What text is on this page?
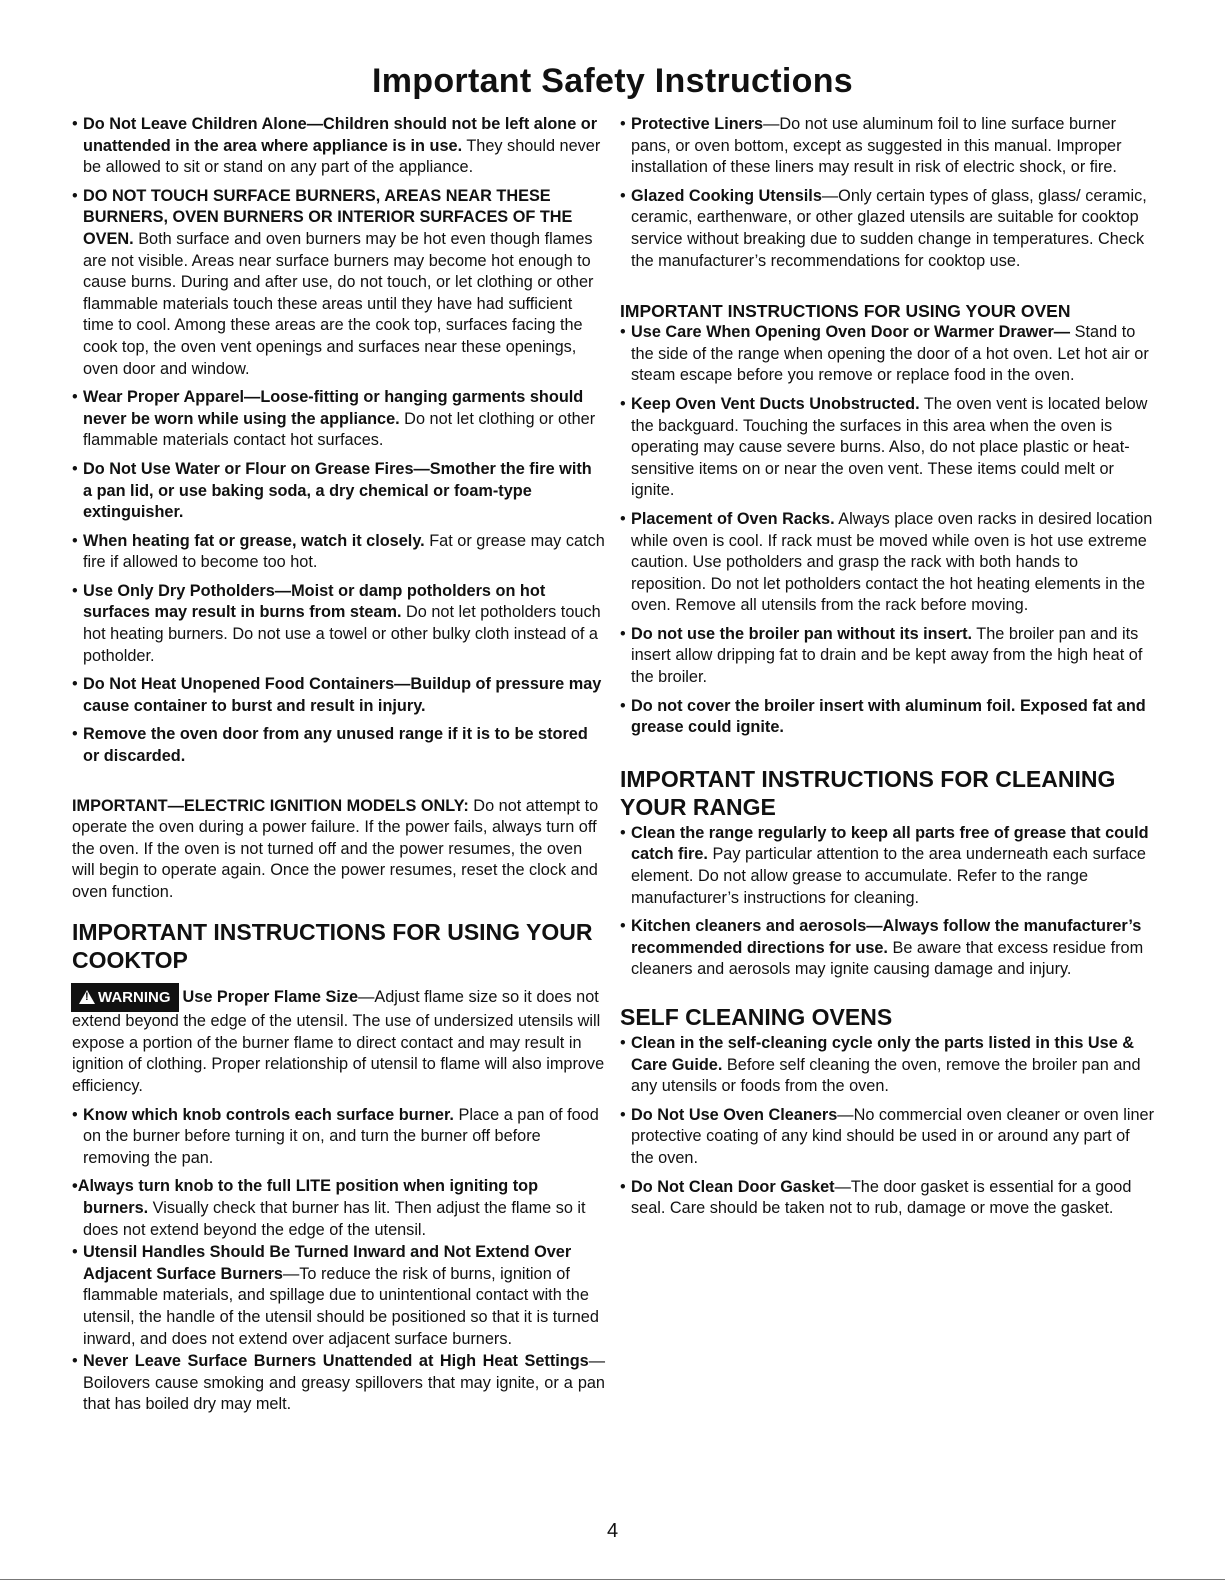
Important Safety Instructions
• Do Not Leave Children Alone—Children should not be left alone or unattended in the area where appliance is in use. They should never be allowed to sit or stand on any part of the appliance.
• DO NOT TOUCH SURFACE BURNERS, AREAS NEAR THESE BURNERS, OVEN BURNERS OR INTERIOR SURFACES OF THE OVEN. Both surface and oven burners may be hot even though flames are not visible. Areas near surface burners may become hot enough to cause burns. During and after use, do not touch, or let clothing or other flammable materials touch these areas until they have had sufficient time to cool. Among these areas are the cook top, surfaces facing the cook top, the oven vent openings and surfaces near these openings, oven door and window.
• Wear Proper Apparel—Loose-fitting or hanging garments should never be worn while using the appliance. Do not let clothing or other flammable materials contact hot surfaces.
• Do Not Use Water or Flour on Grease Fires—Smother the fire with a pan lid, or use baking soda, a dry chemical or foam-type extinguisher.
• When heating fat or grease, watch it closely. Fat or grease may catch fire if allowed to become too hot.
• Use Only Dry Potholders—Moist or damp potholders on hot surfaces may result in burns from steam. Do not let potholders touch hot heating burners. Do not use a towel or other bulky cloth instead of a potholder.
• Do Not Heat Unopened Food Containers—Buildup of pressure may cause container to burst and result in injury.
• Remove the oven door from any unused range if it is to be stored or discarded.

IMPORTANT—ELECTRIC IGNITION MODELS ONLY: Do not attempt to operate the oven during a power failure. If the power fails, always turn off the oven. If the oven is not turned off and the power resumes, the oven will begin to operate again. Once the power resumes, reset the clock and oven function.

IMPORTANT INSTRUCTIONS FOR USING YOUR COOKTOP

!WARNING Use Proper Flame Size—Adjust flame size so it does not extend beyond the edge of the utensil. The use of undersized utensils will expose a portion of the burner flame to direct contact and may result in ignition of clothing. Proper relationship of utensil to flame will also improve efficiency.

• Know which knob controls each surface burner. Place a pan of food on the burner before turning it on, and turn the burner off before removing the pan.
•Always turn knob to the full LITE position when igniting top burners. Visually check that burner has lit. Then adjust the flame so it does not extend beyond the edge of the utensil.
• Utensil Handles Should Be Turned Inward and Not Extend Over Adjacent Surface Burners—To reduce the risk of burns, ignition of flammable materials, and spillage due to unintentional contact with the utensil, the handle of the utensil should be positioned so that it is turned inward, and does not extend over adjacent surface burners.
• Never Leave Surface Burners Unattended at High Heat Settings—Boilovers cause smoking and greasy spillovers that may ignite, or a pan that has boiled dry may melt.
• Protective Liners—Do not use aluminum foil to line surface burner pans, or oven bottom, except as suggested in this manual. Improper installation of these liners may result in risk of electric shock, or fire.
• Glazed Cooking Utensils—Only certain types of glass, glass/ ceramic, ceramic, earthenware, or other glazed utensils are suitable for cooktop service without breaking due to sudden change in temperatures. Check the manufacturer’s recommendations for cooktop use.
IMPORTANT INSTRUCTIONS FOR USING YOUR OVEN
• Use Care When Opening Oven Door or Warmer Drawer— Stand to the side of the range when opening the door of a hot oven. Let hot air or steam escape before you remove or replace food in the oven.
• Keep Oven Vent Ducts Unobstructed. The oven vent is located below the backguard. Touching the surfaces in this area when the oven is operating may cause severe burns. Also, do not place plastic or heat-sensitive items on or near the oven vent. These items could melt or ignite.
• Placement of Oven Racks. Always place oven racks in desired location while oven is cool. If rack must be moved while oven is hot use extreme caution. Use potholders and grasp the rack with both hands to reposition. Do not let potholders contact the hot heating elements in the oven. Remove all utensils from the rack before moving.
• Do not use the broiler pan without its insert. The broiler pan and its insert allow dripping fat to drain and be kept away from the high heat of the broiler.
• Do not cover the broiler insert with aluminum foil. Exposed fat and grease could ignite.
IMPORTANT INSTRUCTIONS FOR CLEANING YOUR RANGE
• Clean the range regularly to keep all parts free of grease that could catch fire. Pay particular attention to the area underneath each surface element. Do not allow grease to accumulate. Refer to the range manufacturer’s instructions for cleaning.
• Kitchen cleaners and aerosols—Always follow the manufacturer’s recommended directions for use. Be aware that excess residue from cleaners and aerosols may ignite causing damage and injury.
SELF CLEANING OVENS
• Clean in the self-cleaning cycle only the parts listed in this Use & Care Guide. Before self cleaning the oven, remove the broiler pan and any utensils or foods from the oven.
• Do Not Use Oven Cleaners—No commercial oven cleaner or oven liner protective coating of any kind should be used in or around any part of the oven.
• Do Not Clean Door Gasket—The door gasket is essential for a good seal. Care should be taken not to rub, damage or move the gasket.
4
